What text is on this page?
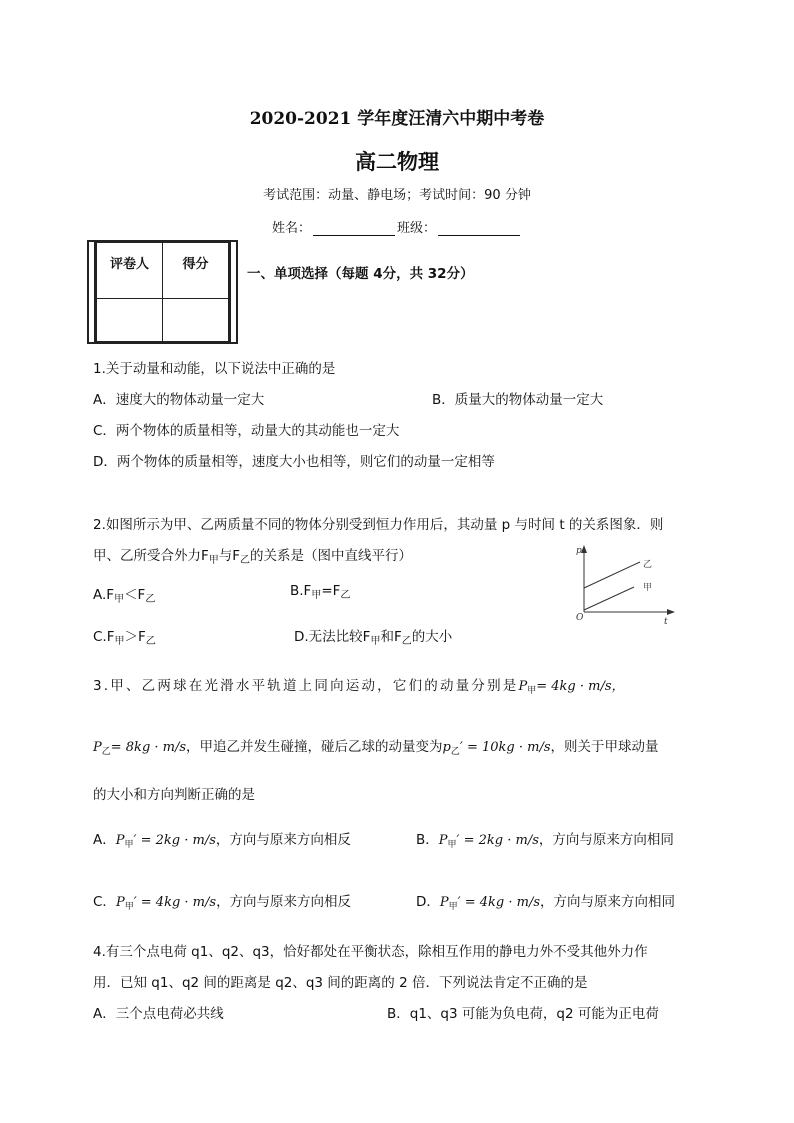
2020-2021 学年度汪清六中期中考卷
高二物理
考试范围：动量、静电场；考试时间：90 分钟
姓名：	班级：
评卷人	得分

一、单项选择（每题 4分，共 32分）
1.关于动量和动能，以下说法中正确的是
A．速度大的物体动量一定大	B．质量大的物体动量一定大
C．两个物体的质量相等，动量大的其动能也一定大
D．两个物体的质量相等，速度大小也相等，则它们的动量一定相等
2.如图所示为甲、乙两质量不同的物体分别受到恒力作用后，其动量 p 与时间 t 的关系图象．则
甲、乙所受合外力$F_甲$与$F_乙$的关系是（图中直线平行）
$A.F_甲<F_乙$
$B.F_甲=F_乙$
$C.F_甲>F_乙$	D.无法比较$F_甲$和$F_乙$的大小
p
t
O
乙
甲
3.甲、乙两球在光滑水平轨道上同向运动，它们的动量分别是$P_甲= 4kg \cdot m/s$，
$P_乙= 8kg \cdot m/s$，甲追乙并发生碰撞，碰后乙球的动量变为$p_乙' = 10kg \cdot m/s$，则关于甲球动量
的大小和方向判断正确的是
A．$P_甲' = 2kg \cdot m/s$，方向与原来方向相反	B．$P_甲' = 2kg \cdot m/s$，方向与原来方向相同
C．$P_甲' = 4kg \cdot m/s$，方向与原来方向相反	D．$P_甲' = 4kg \cdot m/s$，方向与原来方向相同
4.有三个点电荷 q1、q2、q3，恰好都处在平衡状态，除相互作用的静电力外不受其他外力作
用．已知 q1、q2 间的距离是 q2、q3 间的距离的 2 倍．下列说法肯定不正确的是
A．三个点电荷必共线	B．q1、q3 可能为负电荷，q2 可能为正电荷
